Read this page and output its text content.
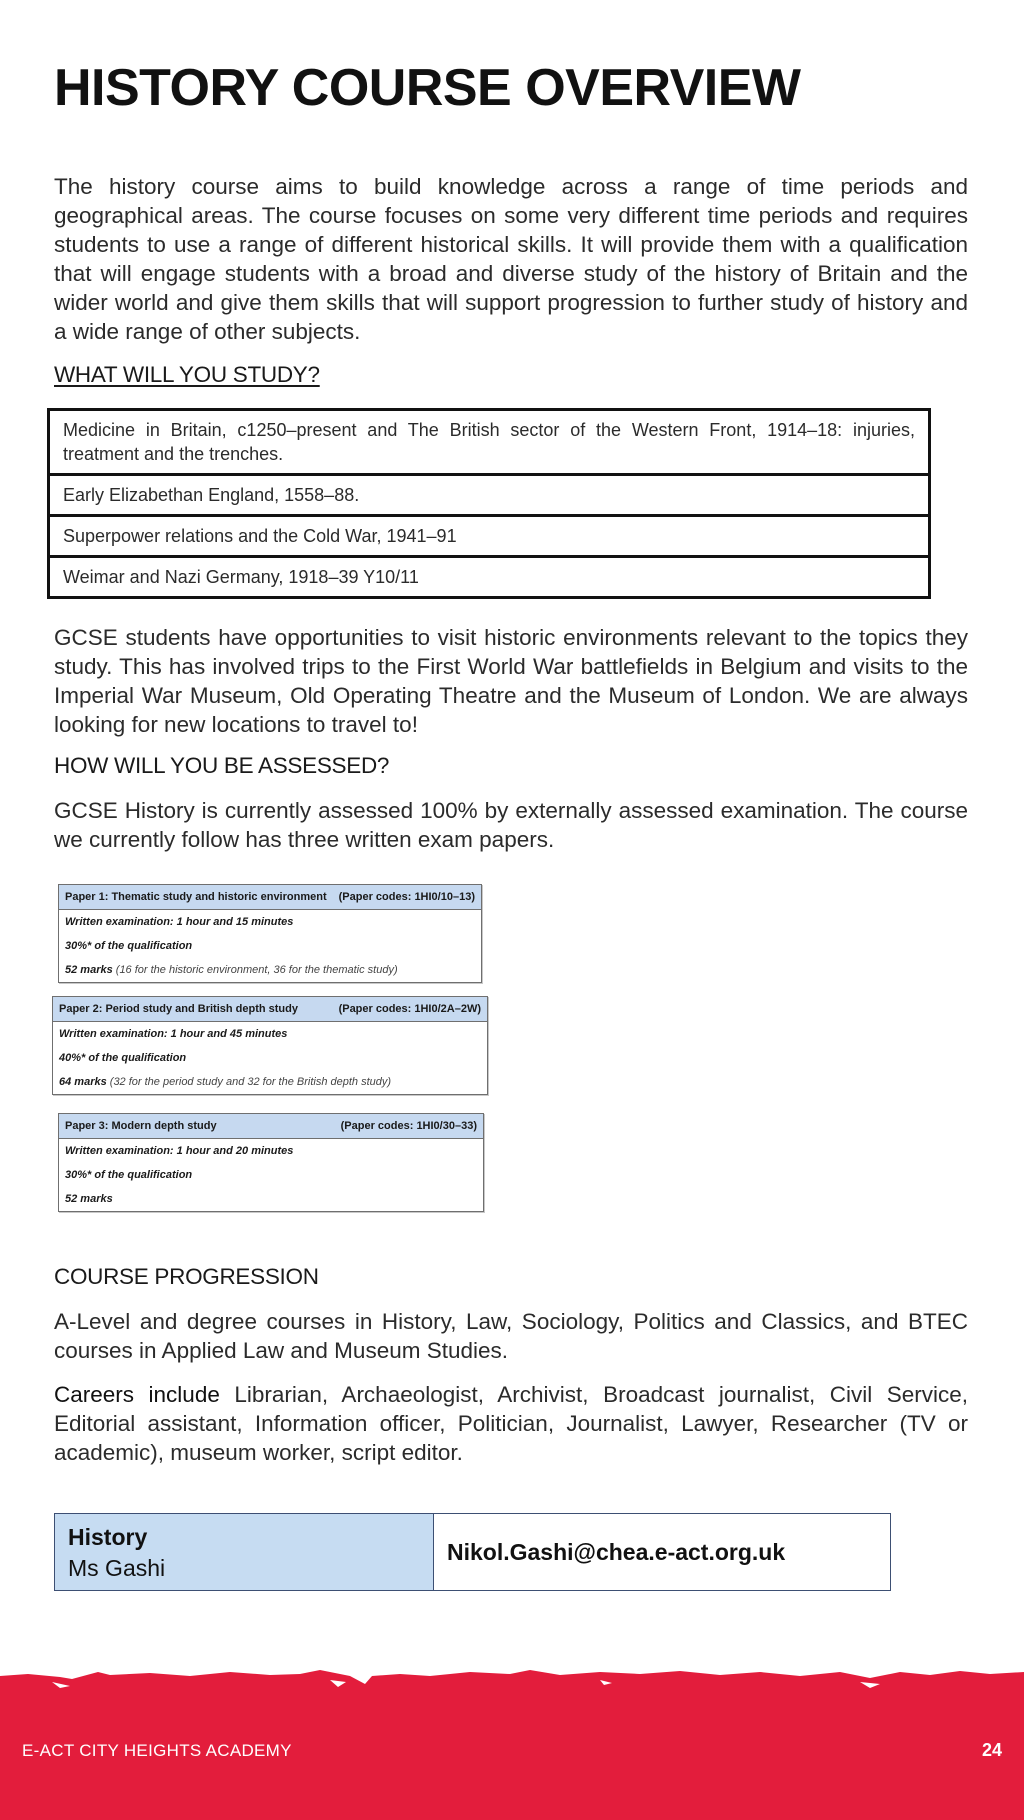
HISTORY COURSE OVERVIEW

The history course aims to build knowledge across a range of time periods and geographical areas. The course focuses on some very different time periods and requires students to use a range of different historical skills. It will provide them with a qualification that will engage students with a broad and diverse study of the history of Britain and the wider world and give them skills that will support progression to further study of history and a wide range of other subjects.

WHAT WILL YOU STUDY?
Medicine in Britain, c1250–present and The British sector of the Western Front, 1914–18: injuries, treatment and the trenches.
Early Elizabethan England, 1558–88.
Superpower relations and the Cold War, 1941–91
Weimar and Nazi Germany, 1918–39 Y10/11

GCSE students have opportunities to visit historic environments relevant to the topics they study. This has involved trips to the First World War battlefields in Belgium and visits to the Imperial War Museum, Old Operating Theatre and the Museum of London. We are always looking for new locations to travel to!

HOW WILL YOU BE ASSESSED?

GCSE History is currently assessed 100% by externally assessed examination. The course we currently follow has three written exam papers.

Paper 1: Thematic study and historic environment (Paper codes: 1HI0/10–13)
Written examination: 1 hour and 15 minutes
30%* of the qualification
52 marks (16 for the historic environment, 36 for the thematic study)
Paper 2: Period study and British depth study	(Paper codes: 1HI0/2A–2W)
Written examination: 1 hour and 45 minutes
40%* of the qualification
64 marks (32 for the period study and 32 for the British depth study)
Paper 3: Modern depth study	(Paper codes: 1HI0/30–33)
Written examination: 1 hour and 20 minutes
30%* of the qualification
52 marks
COURSE PROGRESSION

A-Level and degree courses in History, Law, Sociology, Politics and Classics, and BTEC courses in Applied Law and Museum Studies.

Careers include Librarian, Archaeologist, Archivist, Broadcast journalist, Civil Service, Editorial assistant, Information officer, Politician, Journalist, Lawyer, Researcher (TV or academic), museum worker, script editor.

History
Ms Gashi
Nikol.Gashi@chea.e-act.org.uk
E-ACT CITY HEIGHTS ACADEMY	24
